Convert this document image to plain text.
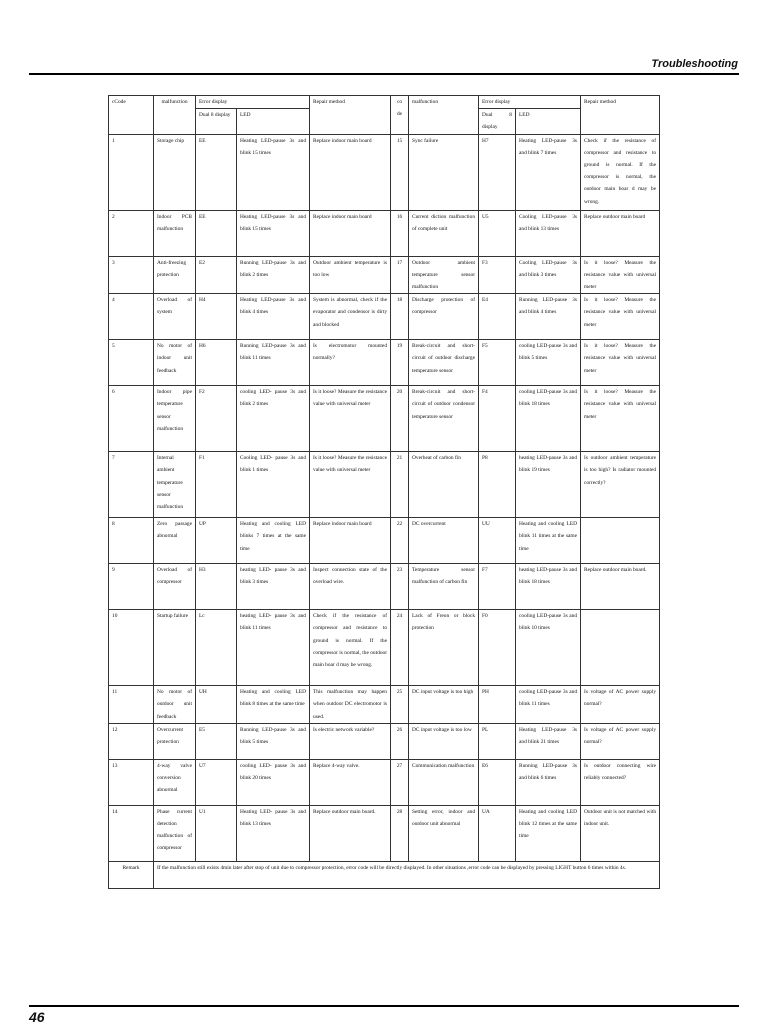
Troubleshooting
cCode	malfunction	Error display		Repair method	co de	malfunction	Error display		Repair method
		Dual 8 display	LED				Dual 8 display	LED	
1	Storage chip	EE	Heating LED-pause 3s and blink 15 times	Replace indoor main board	15	Sync failure	H7	Heating LED-pause 3s and blink 7 times	Check if the resistance of compressor and resistance to ground is normal. If the compressor is normal, the outdoor main boar d may be wrong.
2	Indoor PCB malfunction	EE	Heating LED-pause 3s and blink 15 times	Replace indoor main board	16	Current diction malfunction of complete unit	U5	Cooling LED-pause 3s and blink 13 times	Replace outdoor main board
3	Anti-freezing protection	E2	Running LED-pause 3s and blink 2 times	Outdoor ambient temperature is too low	17	Outdoor ambient temperature sensor malfunction	F3	Cooling LED-pause 3s and blink 3 times	Is it loose? Measure the resistance value with universal meter
4	Overload of system	H4	Heating LED-pause 3s and blink 4 times	System is abnormal, check if the evaporator and condensor is dirty and blocked	18	Discharge protection of compressor	E4	Running LED-pause 3s and blink 4 times	Is it loose? Measure the resistance value with universal meter
5	No motor of indoor unit feedback	H6	Running LED-pause 3s and blink 11 times	Is electromotor mounted normally?	19	Break-circuit and short-circuit of outdoor discharge temperature sensor	F5	cooling LED-pause 3s and blink 5 times	Is it loose? Measure the resistance value with universal meter
6	Indoor pipe temperature sensor malfunction	F2	cooling LED- pause 3s and blink 2 times	Is it loose? Measure the resistance value with universal meter	20	Break-circuit and short-circuit of outdoor condensor temperature sensor	F4	cooling LED-pause 3s and blink 18 times	Is it loose? Measure the resistance value with universal meter
7	Internal ambient temperature sensor malfunction	F1	Cooling LED- pause 3s and blink 1 times	Is it loose? Measure the resistance value with universal meter	21	Overheat of carbon fin	P8	heating LED-pause 3s and blink 19 times	Is outdoor ambient temperature is too high? Is radiator mounted correctly?
8	Zero passage abnormal	UP	Heating and cooling LED blinks 7 times at the same time	Replace indoor main board	22	DC overcurrent	UU	Heating and cooling LED blink 11 times at the same time	
9	Overload of compressor	H3	heating LED- pause 3s and blink 3 times	Inspect connection state of the overload wire.	23	Temperature sensor malfunction of carbon fin	F7	heating LED-pause 3s and blink 18 times	Replace outdoor main board.
10	Startup failure	Lc	heating LED- pause 3s and blink 11 times	Check if the resistance of compressor and resistance to ground is normal. If the compressor is normal, the outdoor main boar d may be wrong.	24	Lack of Freon or block protection	F0	cooling LED-pause 3s and blink 10 times	
11	No motor of outdoor unit feedback	UH	Heating and cooling LED blink 8 times at the same time	This malfunction may happen when outdoor DC electromotor is used.	25	DC input voltage is too high	PH	cooling LED-pause 3s and blink 11 times	Is voltage of AC power supply normal?
12	Overcurrent protection	E5	Running LED-pause 3s and blink 5 times	Is electric network variable?	26	DC input voltage is too low	PL	Heating LED-pause 3s and blink 21 times	Is voltage of AC power supply normal?
13	4-way valve conversion abnormal	U7	cooling LED- pause 3s and blink 20 times	Replace 4-way valve.	27	Communication malfunction	E6	Running LED-pause 3s and blink 6 times	Is outdoor connecting wire reliably connected?
14	Phase current detection malfunction of compressor	U1	Heating LED- pause 3s and blink 13 times	Replace outdoor main board.	28	Setting error, indoor and outdoor unit abnormal	UA	Heating and cooling LED blink 12 times at the same time	Outdoor unit is not matched with indoor unit.
Remark	If the malfunction still exists 4min later after stop of unit due to compressor protection, error code will be directly displayed. In other situations ,error code can be displayed by pressing LIGHT button 6 times within 4s.								
46
